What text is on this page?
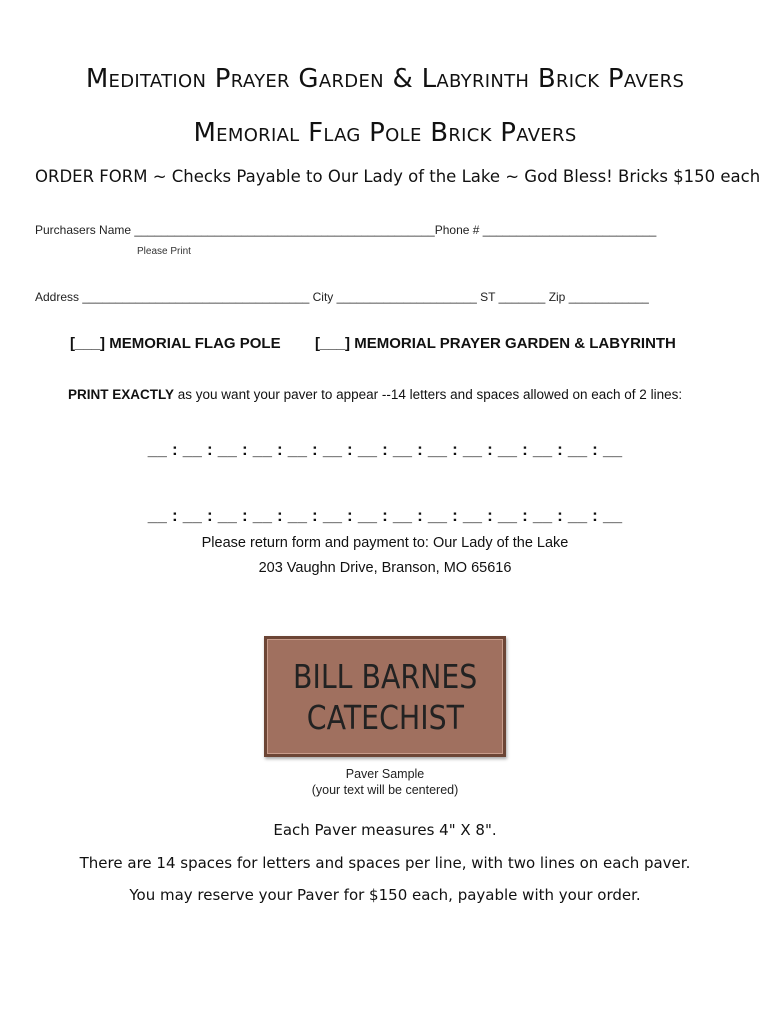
Meditation Prayer Garden & Labyrinth Brick Pavers
Memorial Flag Pole Brick Pavers
ORDER FORM ~ Checks Payable to Our Lady of the Lake ~ God Bless! Bricks $150 each
Purchasers Name _____________________________________________Phone # __________________________
Please Print
Address __________________________________ City _____________________ ST _______ Zip ____________
[___] MEMORIAL FLAG POLE [___] MEMORIAL PRAYER GARDEN & LABYRINTH
PRINT EXACTLY as you want your paver to appear --14 letters and spaces allowed on each of 2 lines:
__ : __ : __ : __ : __ : __ : __ : __ : __ : __ : __ : __ : __ : __
__ : __ : __ : __ : __ : __ : __ : __ : __ : __ : __ : __ : __ : __
Please return form and payment to: Our Lady of the Lake
203 Vaughn Drive, Branson, MO 65616
BILL BARNES
CATECHIST
Paver Sample
(your text will be centered)
Each Paver measures 4" X 8".
There are 14 spaces for letters and spaces per line, with two lines on each paver.
You may reserve your Paver for $150 each, payable with your order.
